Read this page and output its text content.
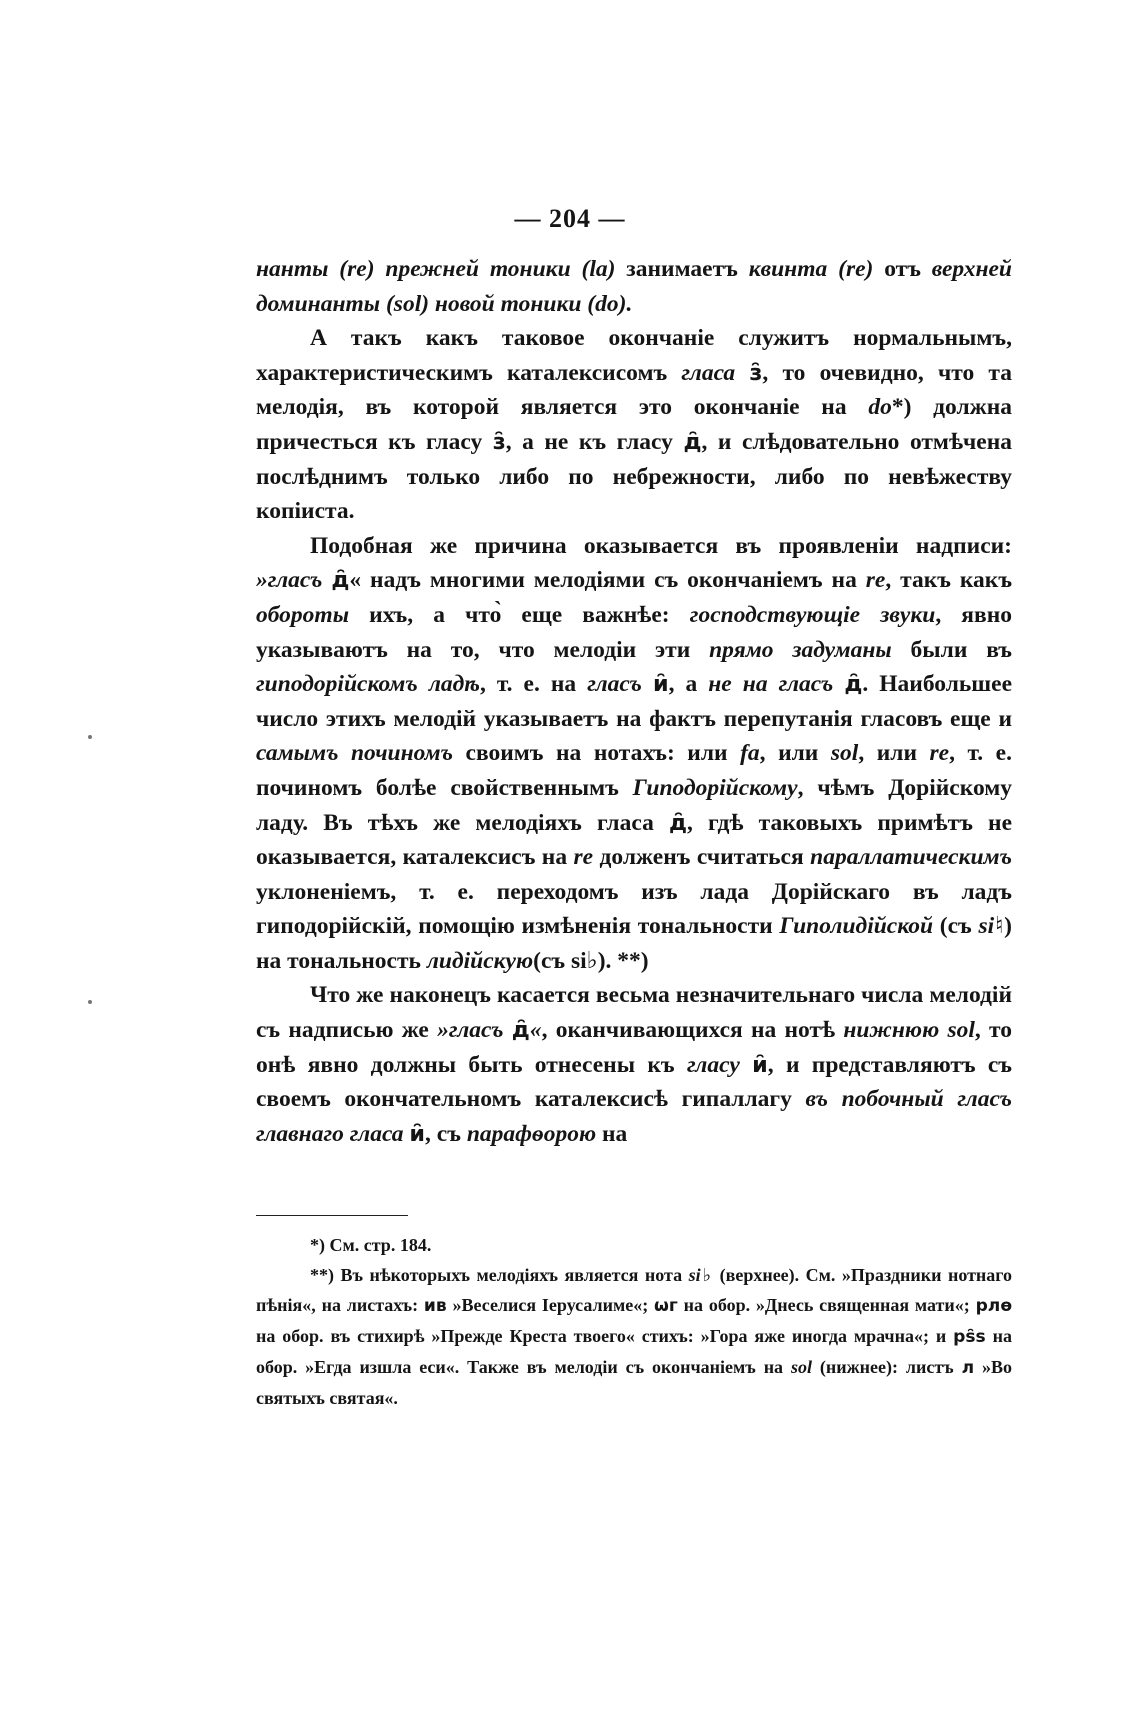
— 204 —

нанты (re) прежней тоники (la) занимаетъ квинта (re) отъ верхней доминанты (sol) новой тоники (do).

А такъ какъ таковое окончаніе служитъ нормальнымъ, характеристическимъ каталексисомъ гласа з̑, то очевидно, что та мелодія, въ которой является это окончаніе на do*) должна причесться къ гласу з̑, а не къ гласу д̑, и слѣдовательно отмѣчена послѣднимъ только либо по небрежности, либо по невѣжеству копіиста.

Подобная же причина оказывается въ проявленіи надписи: »гласъ д̑« надъ многими мелодіями съ окончаніемъ на re, такъ какъ обороты ихъ, а что̀ еще важнѣе: господствующіе звуки, явно указываютъ на то, что мелодіи эти прямо задуманы были въ гиподорійскомъ ладѣ, т. е. на гласъ и̑, а не на гласъ д̑. Наибольшее число этихъ мелодій указываетъ на фактъ перепутанія гласовъ еще и самымъ починомъ своимъ на нотахъ: или fa, или sol, или re, т. е. починомъ болѣе свойственнымъ Гиподорійскому, чѣмъ Дорійскому ладу. Въ тѣхъ же мелодіяхъ гласа д̑, гдѣ таковыхъ примѣтъ не оказывается, каталексисъ на re долженъ считаться параллатическимъ уклоненіемъ, т. е. переходомъ изъ лада Дорійскаго въ ладъ гиподорійскій, помощію измѣненія тональности Гиполидійской (съ si♮) на тональность лидійскую(съ si♭). **)

Что же наконецъ касается весьма незначительнаго числа мелодій съ надписью же »гласъ д̑«, оканчивающихся на нотѣ нижнюю sol, то онѣ явно должны быть отнесены къ гласу и̑, и представляютъ съ своемъ окончательномъ каталексисѣ гипаллагу въ побочный гласъ главнаго гласа и̑, съ парафѳорою на

*) См. стр. 184.

**) Въ нѣкоторыхъ мелодіяхъ является нота si♭ (верхнее). См. »Праздники нотнаго пѣнія«, на листахъ: ив »Веселися Іерусалиме«; ѡг на обор. »Днесь священная мати«; рлѳ на обор. въ стихирѣ »Прежде Креста твоего« стихъ: »Гора яже иногда мрачна«; и рѕ̑s на обор. »Егда изшла еси«. Также въ мелодіи съ окончаніемъ на sol (нижнее): листъ л »Во святыхъ святая«.
